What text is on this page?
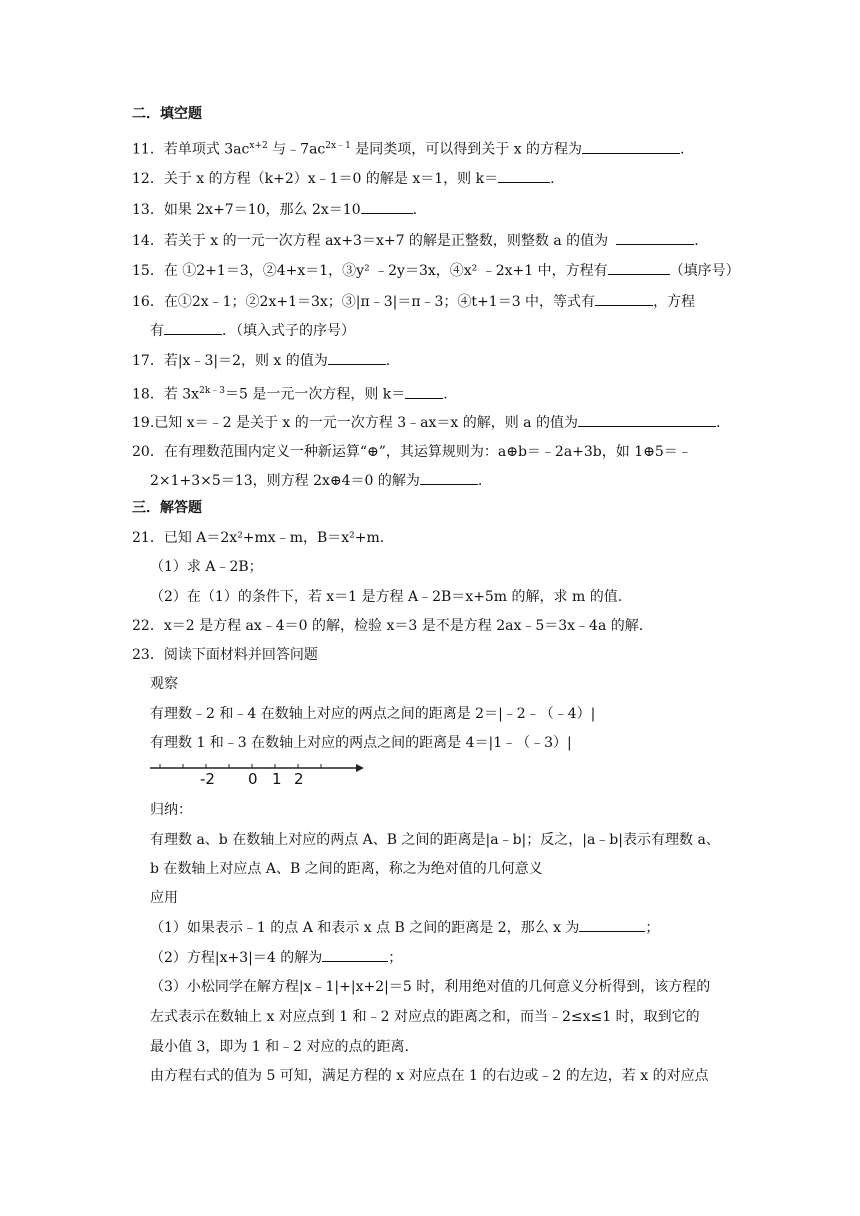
二．填空题
11．若单项式 $3ac^{x+2}$ 与$﹣7ac^{2x﹣1}$ 是同类项，可以得到关于 x 的方程为	.
12．关于 x 的方程（k+2）x﹣1＝0 的解是 x＝1，则 k＝	.
13．如果 2x+7＝10，那么 2x＝10	.
14．若关于 x 的一元一次方程 ax+3＝x+7 的解是正整数，则整数 a 的值为	.
15．在 ①2+1＝3，②4+x＝1，③y² ﹣2y＝3x，④x² ﹣2x+1 中，方程有	（填序号）
16．在①2x﹣1；②2x+1＝3x；③|π﹣3|＝π﹣3；④t+1＝3 中，等式有	，方程
有	．（填入式子的序号）
17．若|x﹣3|＝2，则 x 的值为	.
18．若 $3x^{2k﹣3}=5$ 是一元一次方程，则 k＝	.
19.已知 x＝﹣2 是关于 x 的一元一次方程 3﹣ax＝x 的解，则 a 的值为	.
20．在有理数范围内定义一种新运算“⊕”，其运算规则为：a⊕b＝﹣2a+3b，如 1⊕5＝﹣
2×1+3×5＝13，则方程 2x⊕4＝0 的解为	.
三．解答题
21．已知 A＝2x²+mx﹣m，B＝x²+m.
（1）求 A﹣2B；
（2）在（1）的条件下，若 x＝1 是方程 A﹣2B＝x+5m 的解，求 m 的值.
22．x＝2 是方程 ax﹣4＝0 的解，检验 x＝3 是不是方程 2ax﹣5＝3x﹣4a 的解.
23．阅读下面材料并回答问题
观察
有理数﹣2 和﹣4 在数轴上对应的两点之间的距离是 2＝|﹣2﹣（﹣4）|
有理数 1 和﹣3 在数轴上对应的两点之间的距离是 4＝|1﹣（﹣3）|
-2 0 1 2
归纳：
有理数 a、b 在数轴上对应的两点 A、B 之间的距离是|a﹣b|；反之，|a﹣b|表示有理数 a、
b 在数轴上对应点 A、B 之间的距离，称之为绝对值的几何意义
应用
（1）如果表示﹣1 的点 A 和表示 x 点 B 之间的距离是 2，那么 x 为	；
（2）方程|x+3|＝4 的解为	；
（3）小松同学在解方程|x﹣1|+|x+2|＝5 时，利用绝对值的几何意义分析得到，该方程的
左式表示在数轴上 x 对应点到 1 和﹣2 对应点的距离之和，而当﹣2≤x≤1 时，取到它的
最小值 3，即为 1 和﹣2 对应的点的距离.
由方程右式的值为 5 可知，满足方程的 x 对应点在 1 的右边或﹣2 的左边，若 x 的对应点
